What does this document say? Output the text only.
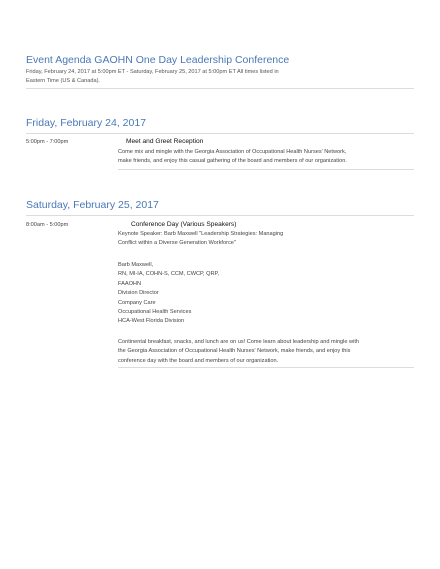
Event Agenda GAOHN One Day Leadership Conference
Friday, February 24, 2017 at 5:00pm ET - Saturday, February 25, 2017 at 5:00pm ET All times listed in
Eastern Time (US & Canada).
Friday, February 24, 2017
5:00pm - 7:00pm	Meet and Greet Reception
Come mix and mingle with the Georgia Association of Occupational Health Nurses' Network,
make friends, and enjoy this casual gathering of the board and members of our organization.
Saturday, February 25, 2017
8:00am - 5:00pm	Conference Day (Various Speakers)
Keynote Speaker: Barb Maxwell "Leadership Strategies: Managing
Conflict within a Diverse Generation Workforce"
Barb Maxwell,
RN, MI-IA, COHN-S, CCM, CWCP, QRP,
FAAOHN
Division Director
Company Care
Occupational Health Services
HCA-West Florida Division
Continental breakfast, snacks, and lunch are on us! Come learn about leadership and mingle with
the Georgia Association of Occupational Health Nurses' Network, make friends, and enjoy this
conference day with the board and members of our organization.
